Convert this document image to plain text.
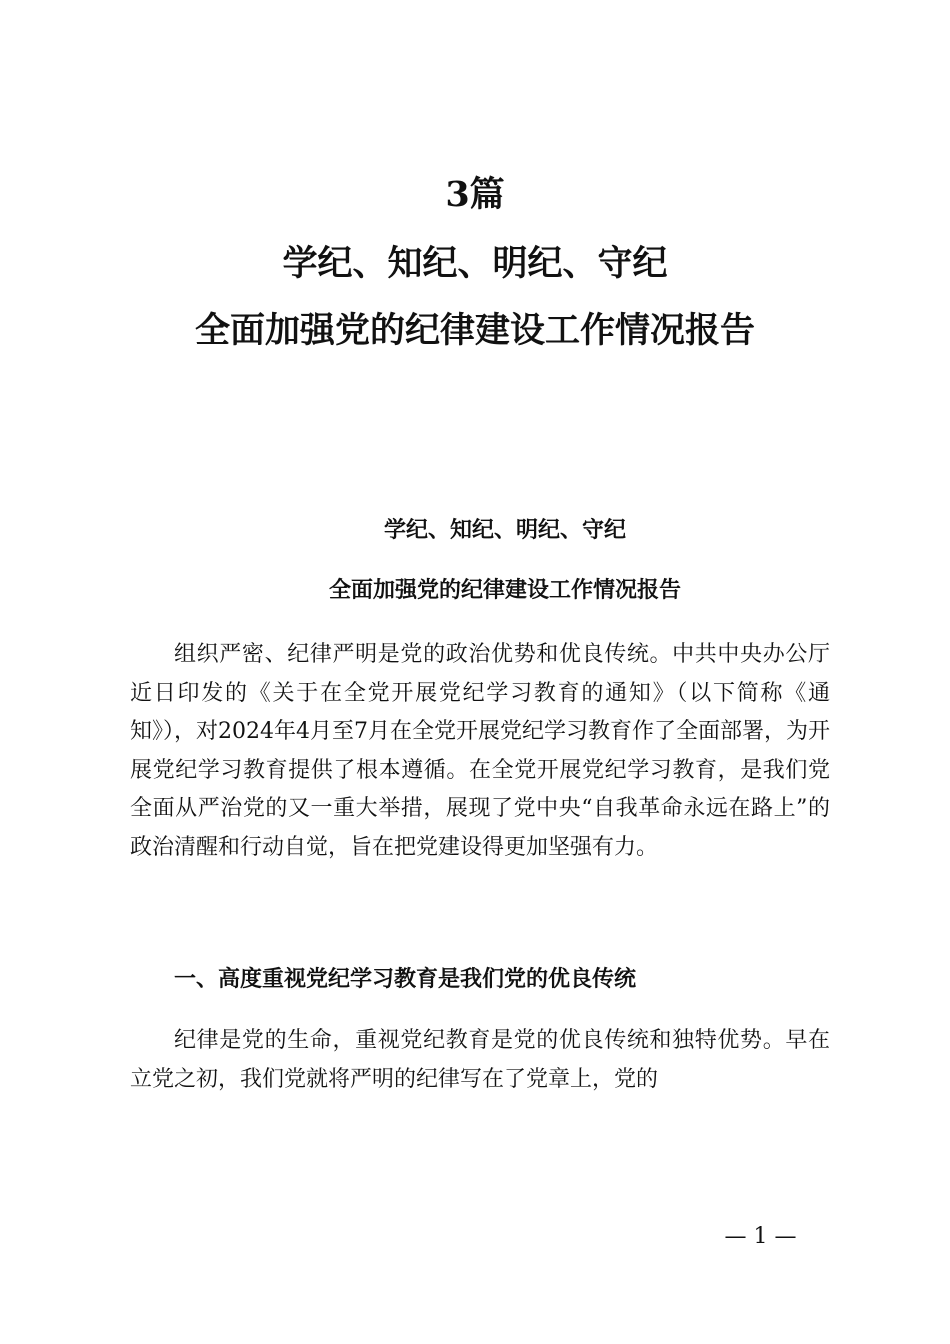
3篇
学纪、知纪、明纪、守纪
全面加强党的纪律建设工作情况报告
学纪、知纪、明纪、守纪
全面加强党的纪律建设工作情况报告

组织严密、纪律严明是党的政治优势和优良传统。中共中央办公厅近日印发的《关于在全党开展党纪学习教育的通知》（以下简称《通知》），对2024年4月至7月在全党开展党纪学习教育作了全面部署，为开展党纪学习教育提供了根本遵循。在全党开展党纪学习教育，是我们党全面从严治党的又一重大举措，展现了党中央“自我革命永远在路上”的政治清醒和行动自觉，旨在把党建设得更加坚强有力。

一、高度重视党纪学习教育是我们党的优良传统

纪律是党的生命，重视党纪教育是党的优良传统和独特优势。早在立党之初，我们党就将严明的纪律写在了党章上，党的

— 1 —
